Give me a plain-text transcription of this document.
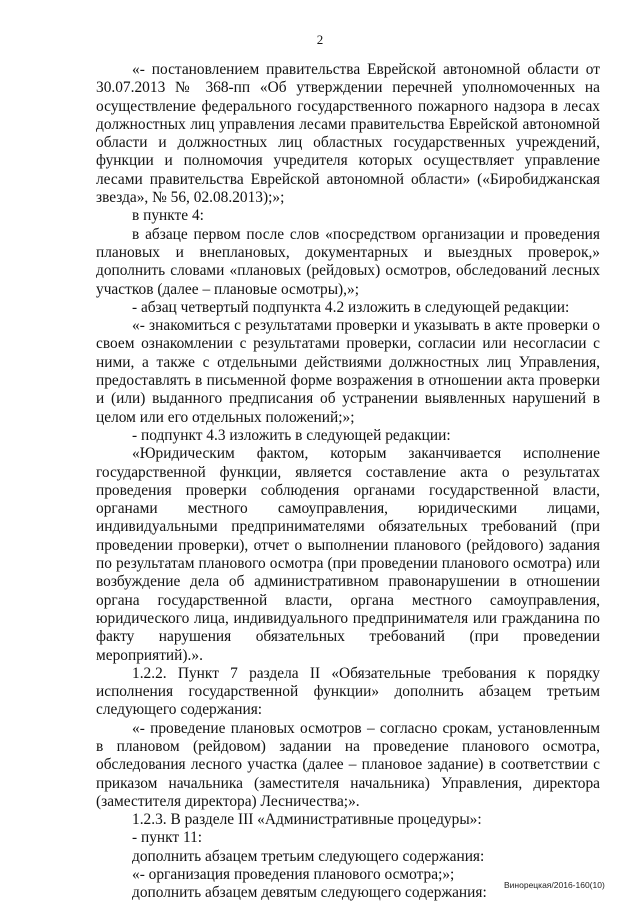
2

«- постановлением правительства Еврейской автономной области от 30.07.2013 № 368-пп «Об утверждении перечней уполномоченных на осуществление федерального государственного пожарного надзора в лесах должностных лиц управления лесами правительства Еврейской автономной области и должностных лиц областных государственных учреждений, функции и полномочия учредителя которых осуществляет управление лесами правительства Еврейской автономной области» («Биробиджанская звезда», № 56, 02.08.2013);»;

в пункте 4:

в абзаце первом после слов «посредством организации и проведения плановых и внеплановых, документарных и выездных проверок,» дополнить словами «плановых (рейдовых) осмотров, обследований лесных участков (далее – плановые осмотры),»;

- абзац четвертый подпункта 4.2 изложить в следующей редакции:

«- знакомиться с результатами проверки и указывать в акте проверки о своем ознакомлении с результатами проверки, согласии или несогласии с ними, а также с отдельными действиями должностных лиц Управления, предоставлять в письменной форме возражения в отношении акта проверки и (или) выданного предписания об устранении выявленных нарушений в целом или его отдельных положений;»;

- подпункт 4.3 изложить в следующей редакции:

«Юридическим фактом, которым заканчивается исполнение государственной функции, является составление акта о результатах проведения проверки соблюдения органами государственной власти, органами местного самоуправления, юридическими лицами, индивидуальными предпринимателями обязательных требований (при проведении проверки), отчет о выполнении планового (рейдового) задания по результатам планового осмотра (при проведении планового осмотра) или возбуждение дела об административном правонарушении в отношении органа государственной власти, органа местного самоуправления, юридического лица, индивидуального предпринимателя или гражданина по факту нарушения обязательных требований (при проведении мероприятий).».

1.2.2. Пункт 7 раздела II «Обязательные требования к порядку исполнения государственной функции» дополнить абзацем третьим следующего содержания:

«- проведение плановых осмотров – согласно срокам, установленным в плановом (рейдовом) задании на проведение планового осмотра, обследования лесного участка (далее – плановое задание) в соответствии с приказом начальника (заместителя начальника) Управления, директора (заместителя директора) Лесничества;».

1.2.3. В разделе III «Административные процедуры»:

- пункт 11:

дополнить абзацем третьим следующего содержания:

«- организация проведения планового осмотра;»;

дополнить абзацем девятым следующего содержания:	Винорецкая/2016-160(10)
